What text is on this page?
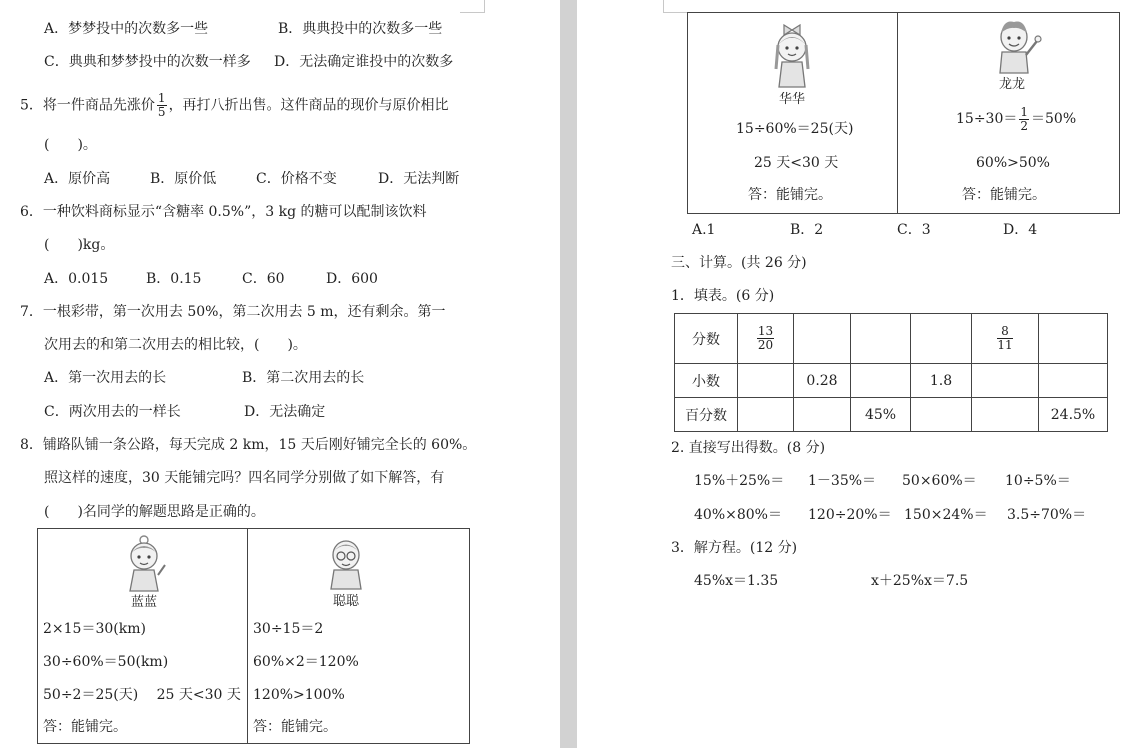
A．梦梦投中的次数多一些	B．典典投中的次数多一些
C．典典和梦梦投中的次数一样多 D．无法确定谁投中的次数多
5．将一件商品先涨价 $\frac{1}{5}$ ，再打八折出售。这件商品的现价与原价相比
(　　)。
A．原价高	B．原价低	C．价格不变	D．无法判断
6．一种饮料商标显示“含糖率 0.5%”，3 kg 的糖可以配制该饮料
(　　)kg。
A．0.015	B．0.15	C．60	D．600
7．一根彩带，第一次用去 50%，第二次用去 5 m，还有剩余。第一
次用去的和第二次用去的相比较，(　　)。
A．第一次用去的长	B．第二次用去的长
C．两次用去的一样长	D．无法确定
8．铺路队铺一条公路，每天完成 2 km，15 天后刚好铺完全长的 60%。
照这样的速度，30 天能铺完吗？四名同学分别做了如下解答，有
(　　)名同学的解题思路是正确的。
蓝蓝
2×15＝30(km)
30÷60%＝50(km)
50÷2＝25(天)　 25 天<30 天
答：能铺完。
聪聪
30÷15＝2
60%×2＝120%
120%>100%
答：能铺完。
华华
15÷60%＝25(天)
25 天<30 天
答：能铺完。
龙龙
$15\div 30= \frac{1}{2} =50\%$
60%>50%
答：能铺完。
A.1	B．2	C．3	D．4
三、计算。(共 26 分)
1．填表。(6 分)
分数	$\frac{13}{20}$				$\frac{8}{11}$

小数		0.28		1.8		
百分数			45%			24.5%
2. 直接写出得数。(8 分)
15%＋25%＝ 1－35%＝ 50×60%＝ 10÷5%＝
40%×80%＝ 120÷20%＝ 150×24%＝ 3.5÷70%＝
3．解方程。(12 分)
45%x＝1.35	x＋25%x＝7.5
